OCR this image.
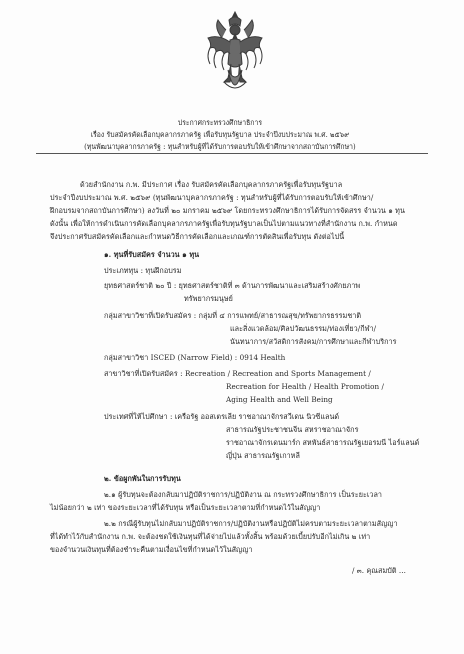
ประกาศกระทรวงศึกษาธิการ
เรื่อง รับสมัครคัดเลือกบุคลากรภาครัฐ เพื่อรับทุนรัฐบาล ประจำปีงบประมาณ พ.ศ. ๒๕๖๙
(ทุนพัฒนาบุคลากรภาครัฐ : ทุนสำหรับผู้ที่ได้รับการตอบรับให้เข้าศึกษาจากสถาบันการศึกษา)
ด้วยสำนักงาน ก.พ. มีประกาศ เรื่อง รับสมัครคัดเลือกบุคลากรภาครัฐเพื่อรับทุนรัฐบาล
ประจำปีงบประมาณ พ.ศ. ๒๕๖๙ (ทุนพัฒนาบุคลากรภาครัฐ : ทุนสำหรับผู้ที่ได้รับการตอบรับให้เข้าศึกษา/
ฝึกอบรมจากสถาบันการศึกษา) ลงวันที่ ๒๐ มกราคม ๒๕๖๙ โดยกระทรวงศึกษาธิการได้รับการจัดสรร จำนวน ๑ ทุน
ดังนั้น เพื่อให้การดำเนินการคัดเลือกบุคลากรภาครัฐเพื่อรับทุนรัฐบาลเป็นไปตามแนวทางที่สำนักงาน ก.พ. กำหนด
จึงประกาศรับสมัครคัดเลือกและกำหนดวิธีการคัดเลือกและเกณฑ์การตัดสินเพื่อรับทุน ดังต่อไปนี้
๑. ทุนที่รับสมัคร จำนวน ๑ ทุน
ประเภททุน : ทุนฝึกอบรม
ยุทธศาสตร์ชาติ ๒๐ ปี : ยุทธศาสตร์ชาติที่ ๓ ด้านการพัฒนาและเสริมสร้างศักยภาพ
ทรัพยากรมนุษย์
กลุ่มสาขาวิชาที่เปิดรับสมัคร : กลุ่มที่ ๔ การแพทย์/สาธารณสุข/ทรัพยากรธรรมชาติ
และสิ่งแวดล้อม/ศิลปวัฒนธรรม/ท่องเที่ยว/กีฬา/
นันทนาการ/สวัสดิการสังคม/การศึกษาและกีฬาบริการ
กลุ่มสาขาวิชา ISCED (Narrow Field) : 0914 Health
สาขาวิชาที่เปิดรับสมัคร : Recreation / Recreation and Sports Management /
Recreation for Health / Health Promotion /
Aging Health and Well Being
ประเทศที่ให้ไปศึกษา : เครือรัฐ ออสเตรเลีย ราชอาณาจักรสวีเดน นิวซีแลนด์
สาธารณรัฐประชาชนจีน สหราชอาณาจักร
ราชอาณาจักรเดนมาร์ก สหพันธ์สาธารณรัฐเยอรมนี ไอร์แลนด์
ญี่ปุ่น สาธารณรัฐเกาหลี
๒. ข้อผูกพันในการรับทุน
๒.๑ ผู้รับทุนจะต้องกลับมาปฏิบัติราชการ/ปฏิบัติงาน ณ กระทรวงศึกษาธิการ เป็นระยะเวลา
ไม่น้อยกว่า ๒ เท่า ของระยะเวลาที่ได้รับทุน หรือเป็นระยะเวลาตามที่กำหนดไว้ในสัญญา
๒.๒ กรณีผู้รับทุนไม่กลับมาปฏิบัติราชการ/ปฏิบัติงานหรือปฏิบัติไม่ครบตามระยะเวลาตามสัญญา
ที่ได้ทำไว้กับสำนักงาน ก.พ. จะต้องชดใช้เงินทุนที่ได้จ่ายไปแล้วทั้งสิ้น พร้อมด้วยเบี้ยปรับอีกไม่เกิน ๒ เท่า
ของจำนวนเงินทุนที่ต้องชำระคืนตามเงื่อนไขที่กำหนดไว้ในสัญญา
/ ๓. คุณสมบัติ ...
